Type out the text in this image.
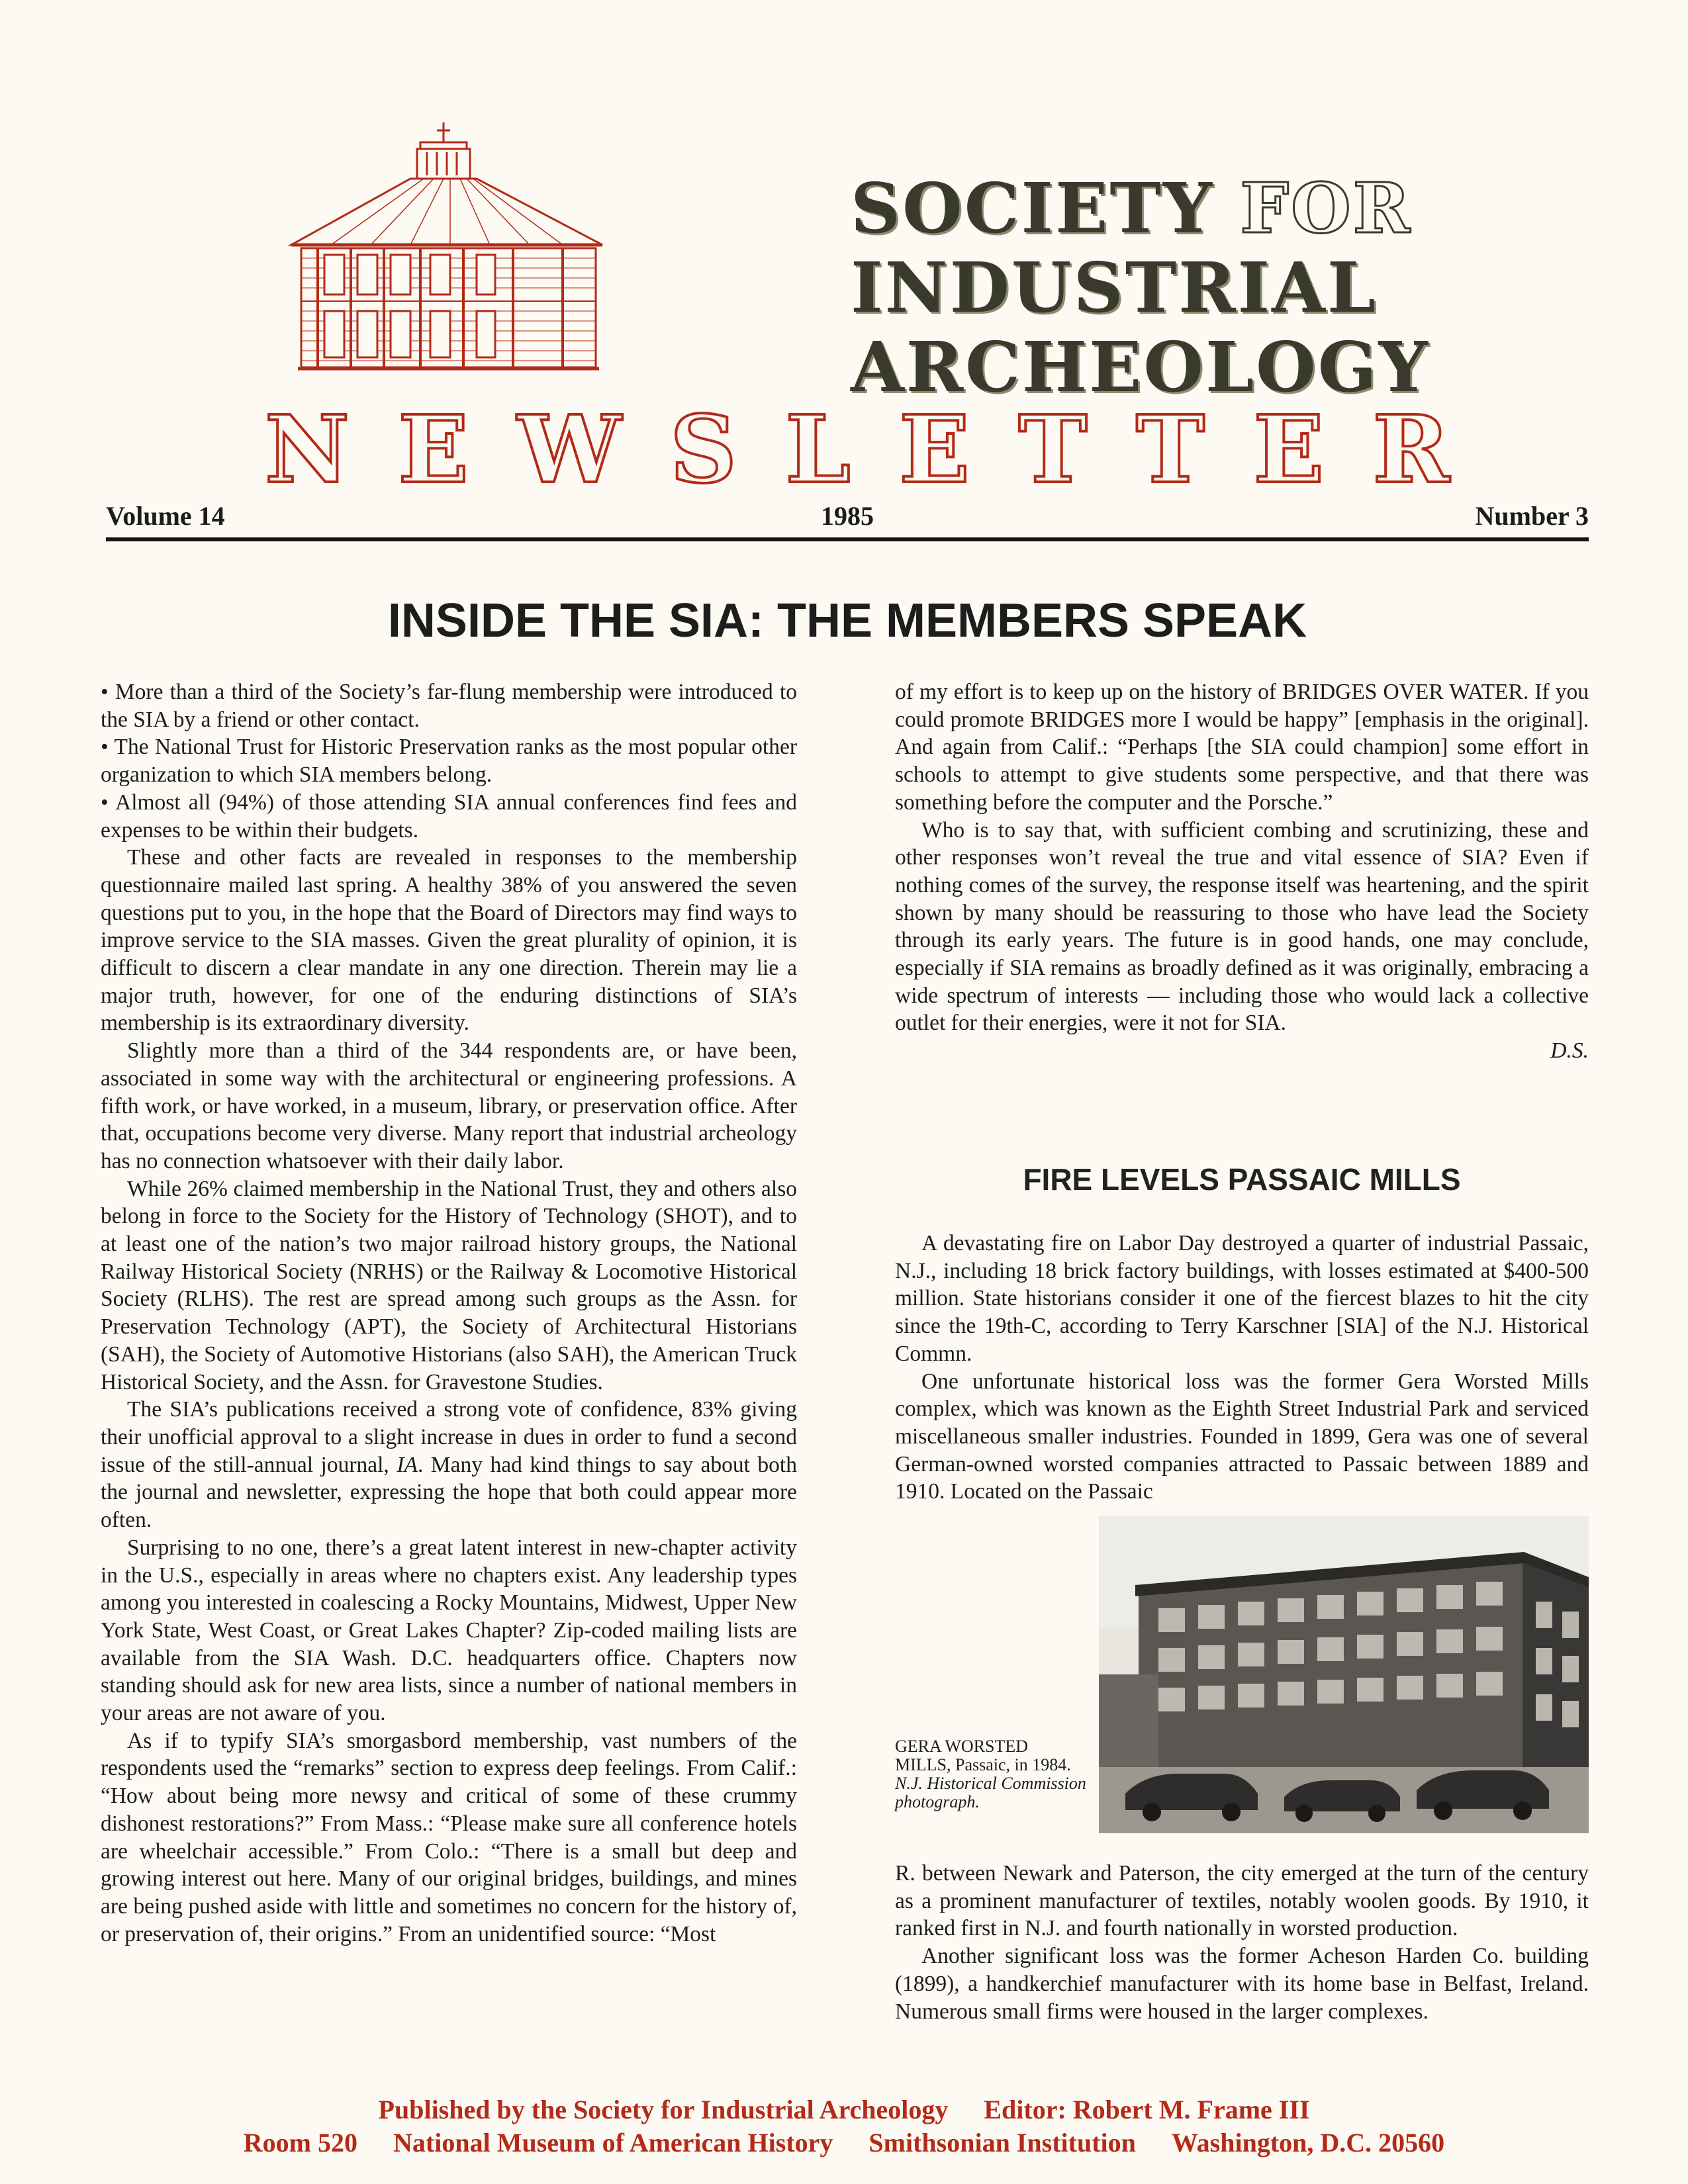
SOCIETY FOR
INDUSTRIAL
ARCHEOLOGY
N E W S L E T T E R
Volume 14	1985	Number 3
INSIDE THE SIA: THE MEMBERS SPEAK

• More than a third of the Society’s far-flung membership were introduced to the SIA by a friend or other contact.

• The National Trust for Historic Preservation ranks as the most popular other organization to which SIA members belong.

• Almost all (94%) of those attending SIA annual conferences find fees and expenses to be within their budgets.

These and other facts are revealed in responses to the membership questionnaire mailed last spring. A healthy 38% of you answered the seven questions put to you, in the hope that the Board of Directors may find ways to improve service to the SIA masses. Given the great plurality of opinion, it is difficult to discern a clear mandate in any one direction. Therein may lie a major truth, however, for one of the enduring distinctions of SIA’s membership is its extraordinary diversity.

Slightly more than a third of the 344 respondents are, or have been, associated in some way with the architectural or engineering professions. A fifth work, or have worked, in a museum, library, or preservation office. After that, occupations become very diverse. Many report that industrial archeology has no connection whatsoever with their daily labor.

While 26% claimed membership in the National Trust, they and others also belong in force to the Society for the History of Technology (SHOT), and to at least one of the nation’s two major railroad history groups, the National Railway Historical Society (NRHS) or the Railway & Locomotive Historical Society (RLHS). The rest are spread among such groups as the Assn. for Preservation Technology (APT), the Society of Architectural Historians (SAH), the Society of Automotive Historians (also SAH), the American Truck Historical Society, and the Assn. for Gravestone Studies.

The SIA’s publications received a strong vote of confidence, 83% giving their unofficial approval to a slight increase in dues in order to fund a second issue of the still-annual journal, IA. Many had kind things to say about both the journal and newsletter, expressing the hope that both could appear more often.

Surprising to no one, there’s a great latent interest in new-chapter activity in the U.S., especially in areas where no chapters exist. Any leadership types among you interested in coalescing a Rocky Mountains, Midwest, Upper New York State, West Coast, or Great Lakes Chapter? Zip-coded mailing lists are available from the SIA Wash. D.C. headquarters office. Chapters now standing should ask for new area lists, since a number of national members in your areas are not aware of you.

As if to typify SIA’s smorgasbord membership, vast numbers of the respondents used the “remarks” section to express deep feelings. From Calif.: “How about being more newsy and critical of some of these crummy dishonest restorations?” From Mass.: “Please make sure all conference hotels are wheelchair accessible.” From Colo.: “There is a small but deep and growing interest out here. Many of our original bridges, buildings, and mines are being pushed aside with little and sometimes no concern for the history of, or preservation of, their origins.” From an unidentified source: “Most

of my effort is to keep up on the history of BRIDGES OVER WATER. If you could promote BRIDGES more I would be happy” [emphasis in the original]. And again from Calif.: “Perhaps [the SIA could champion] some effort in schools to attempt to give students some perspective, and that there was something before the computer and the Porsche.”

Who is to say that, with sufficient combing and scrutinizing, these and other responses won’t reveal the true and vital essence of SIA? Even if nothing comes of the survey, the response itself was heartening, and the spirit shown by many should be reassuring to those who have lead the Society through its early years. The future is in good hands, one may conclude, especially if SIA remains as broadly defined as it was originally, embracing a wide spectrum of interests — including those who would lack a collective outlet for their energies, were it not for SIA.

D.S.

FIRE LEVELS PASSAIC MILLS

A devastating fire on Labor Day destroyed a quarter of industrial Passaic, N.J., including 18 brick factory buildings, with losses estimated at $400-500 million. State historians consider it one of the fiercest blazes to hit the city since the 19th-C, according to Terry Karschner [SIA] of the N.J. Historical Commn.

One unfortunate historical loss was the former Gera Worsted Mills complex, which was known as the Eighth Street Industrial Park and serviced miscellaneous smaller industries. Founded in 1899, Gera was one of several German-owned worsted companies attracted to Passaic between 1889 and 1910. Located on the Passaic

GERA WORSTED MILLS, Passaic, in 1984. N.J. Historical Commission photograph.

R. between Newark and Paterson, the city emerged at the turn of the century as a prominent manufacturer of textiles, notably woolen goods. By 1910, it ranked first in N.J. and fourth nationally in worsted production.

Another significant loss was the former Acheson Harden Co. building (1899), a handkerchief manufacturer with its home base in Belfast, Ireland. Numerous small firms were housed in the larger complexes.

Published by the Society for Industrial Archeology Editor: Robert M. Frame III
Room 520 National Museum of American History Smithsonian Institution Washington, D.C. 20560
